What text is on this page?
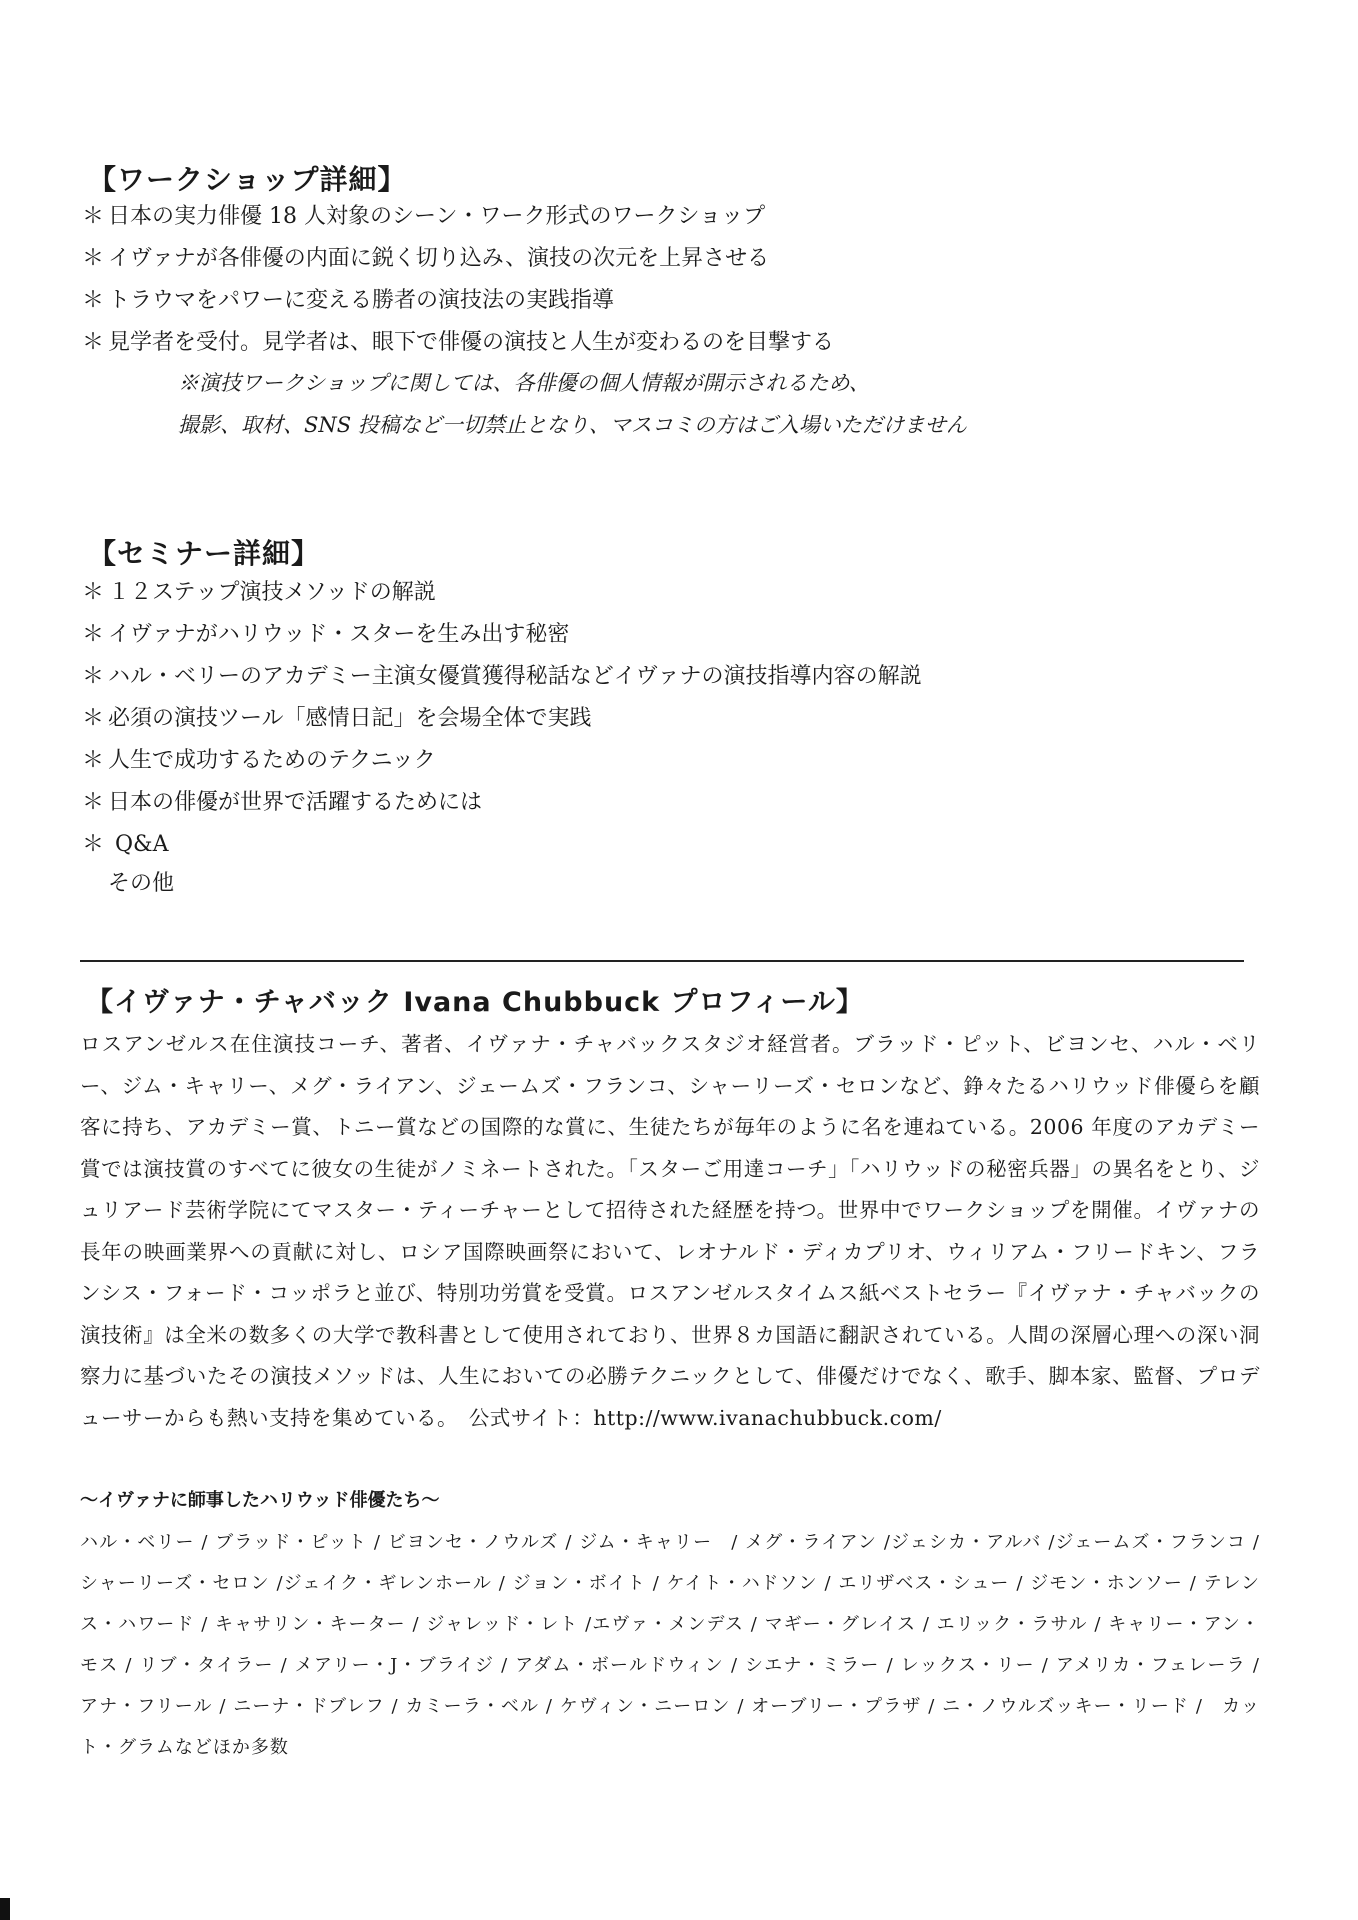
【ワークショップ詳細】
＊ 日本の実力俳優 18 人対象のシーン・ワーク形式のワークショップ
＊ イヴァナが各俳優の内面に鋭く切り込み、演技の次元を上昇させる
＊ トラウマをパワーに変える勝者の演技法の実践指導
＊ 見学者を受付。見学者は、眼下で俳優の演技と人生が変わるのを目撃する
※演技ワークショップに関しては、各俳優の個人情報が開示されるため、
撮影、取材、SNS 投稿など一切禁止となり、マスコミの方はご入場いただけません
【セミナー詳細】
＊ １２ステップ演技メソッドの解説
＊ イヴァナがハリウッド・スターを生み出す秘密
＊ ハル・ベリーのアカデミー主演女優賞獲得秘話などイヴァナの演技指導内容の解説
＊ 必須の演技ツール「感情日記」を会場全体で実践
＊ 人生で成功するためのテクニック
＊ 日本の俳優が世界で活躍するためには
＊ Q&A
その他
【イヴァナ・チャバック Ivana Chubbuck プロフィール】

ロスアンゼルス在住演技コーチ、著者、イヴァナ・チャバックスタジオ経営者。ブラッド・ピット、ビヨンセ、ハル・ベリー、ジム・キャリー、メグ・ライアン、ジェームズ・フランコ、シャーリーズ・セロンなど、錚々たるハリウッド俳優らを顧客に持ち、アカデミー賞、トニー賞などの国際的な賞に、生徒たちが毎年のように名を連ねている。2006 年度のアカデミー賞では演技賞のすべてに彼女の生徒がノミネートされた。「スターご用達コーチ」「ハリウッドの秘密兵器」の異名をとり、ジュリアード芸術学院にてマスター・ティーチャーとして招待された経歴を持つ。世界中でワークショップを開催。イヴァナの長年の映画業界への貢献に対し、ロシア国際映画祭において、レオナルド・ディカプリオ、ウィリアム・フリードキン、フランシス・フォード・コッポラと並び、特別功労賞を受賞。ロスアンゼルスタイムス紙ベストセラー『イヴァナ・チャバックの演技術』は全米の数多くの大学で教科書として使用されており、世界８カ国語に翻訳されている。人間の深層心理への深い洞察力に基づいたその演技メソッドは、人生においての必勝テクニックとして、俳優だけでなく、歌手、脚本家、監督、プロデューサーからも熱い支持を集めている。　公式サイト：http://www.ivanachubbuck.com/

～イヴァナに師事したハリウッド俳優たち～

ハル・ベリー / ブラッド・ピット / ビヨンセ・ノウルズ / ジム・キャリー　/ メグ・ライアン /ジェシカ・アルバ /ジェームズ・フランコ / シャーリーズ・セロン /ジェイク・ギレンホール / ジョン・ボイト / ケイト・ハドソン / エリザベス・シュー / ジモン・ホンソー / テレンス・ハワード / キャサリン・キーター / ジャレッド・レト /エヴァ・メンデス / マギー・グレイス / エリック・ラサル / キャリー・アン・モス / リブ・タイラー / メアリー・J・ブライジ / アダム・ボールドウィン / シエナ・ミラー / レックス・リー / アメリカ・フェレーラ / アナ・フリール / ニーナ・ドブレフ / カミーラ・ベル / ケヴィン・ニーロン / オーブリー・プラザ / ニ・ノウルズッキー・リード /　カット・グラムなどほか多数
